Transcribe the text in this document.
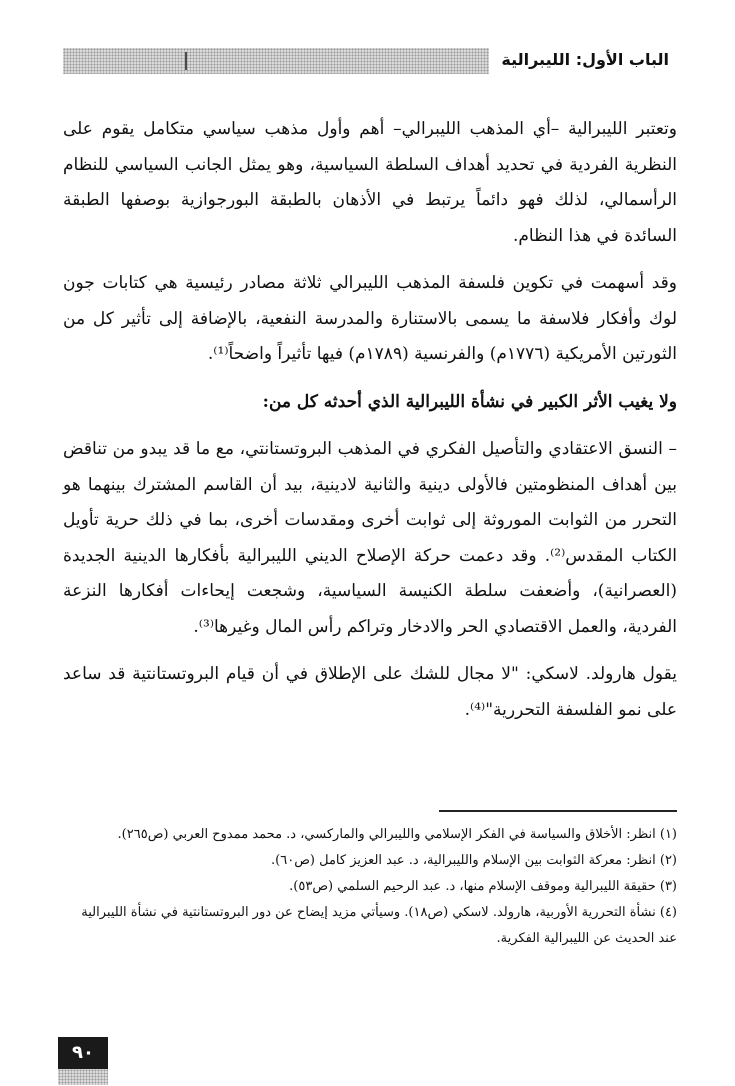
الباب الأول: الليبرالية

وتعتبر الليبرالية –أي المذهب الليبرالي– أهم وأول مذهب سياسي متكامل يقوم على النظرية الفردية في تحديد أهداف السلطة السياسية، وهو يمثل الجانب السياسي للنظام الرأسمالي، لذلك فهو دائماً يرتبط في الأذهان بالطبقة البورجوازية بوصفها الطبقة السائدة في هذا النظام.

وقد أسهمت في تكوين فلسفة المذهب الليبرالي ثلاثة مصادر رئيسية هي كتابات جون لوك وأفكار فلاسفة ما يسمى بالاستنارة والمدرسة النفعية، بالإضافة إلى تأثير كل من الثورتين الأمريكية (١٧٧٦م) والفرنسية (١٧٨٩م) فيها تأثيراً واضحاً⁽¹⁾.

ولا يغيب الأثر الكبير في نشأة الليبرالية الذي أحدثه كل من:

– النسق الاعتقادي والتأصيل الفكري في المذهب البروتستانتي، مع ما قد يبدو من تناقض بين أهداف المنظومتين فالأولى دينية والثانية لادينية، بيد أن القاسم المشترك بينهما هو التحرر من الثوابت الموروثة إلى ثوابت أخرى ومقدسات أخرى، بما في ذلك حرية تأويل الكتاب المقدس⁽²⁾. وقد دعمت حركة الإصلاح الديني الليبرالية بأفكارها الدينية الجديدة (العصرانية)، وأضعفت سلطة الكنيسة السياسية، وشجعت إيحاءات أفكارها النزعة الفردية، والعمل الاقتصادي الحر والادخار وتراكم رأس المال وغيرها⁽³⁾.

يقول هارولد. لاسكي: "لا مجال للشك على الإطلاق في أن قيام البروتستانتية قد ساعد على نمو الفلسفة التحررية"⁽⁴⁾.

(١) انظر: الأخلاق والسياسة في الفكر الإسلامي والليبرالي والماركسي، د. محمد ممدوح العربي (ص٢٦٥).

(٢) انظر: معركة الثوابت بين الإسلام والليبرالية، د. عبد العزيز كامل (ص٦٠).

(٣) حقيقة الليبرالية وموقف الإسلام منها، د. عبد الرحيم السلمي (ص٥٣).

(٤) نشأة التحررية الأوربية، هارولد. لاسكي (ص١٨). وسيأتي مزيد إيضاح عن دور البروتستانتية في نشأة الليبرالية عند الحديث عن الليبرالية الفكرية.

٩٠
